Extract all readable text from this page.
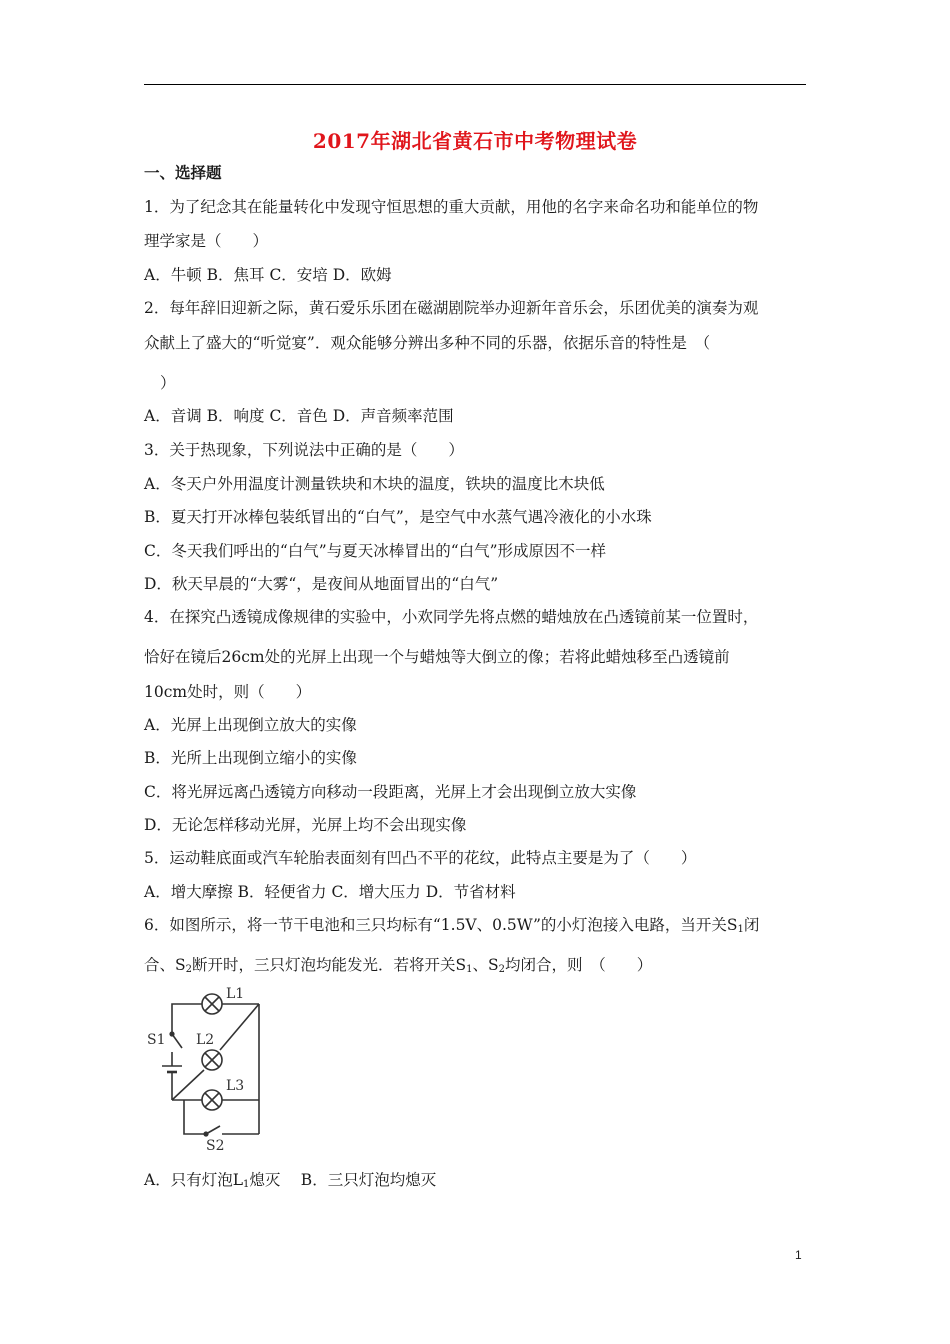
2017年湖北省黄石市中考物理试卷
一、选择题
1．为了纪念其在能量转化中发现守恒思想的重大贡献，用他的名字来命名功和能单位的物
理学家是（　　）
A．牛顿 B．焦耳 C．安培 D．欧姆
2．每年辞旧迎新之际，黄石爱乐乐团在磁湖剧院举办迎新年音乐会，乐团优美的演奏为观
众献上了盛大的“听觉宴”．观众能够分辨出多种不同的乐器，依据乐音的特性是　（
）
A．音调 B．响度 C．音色 D．声音频率范围
3．关于热现象，下列说法中正确的是（　　）
A．冬天户外用温度计测量铁块和木块的温度，铁块的温度比木块低
B．夏天打开冰棒包装纸冒出的“白气”，是空气中水蒸气遇冷液化的小水珠
C．冬天我们呼出的“白气”与夏天冰棒冒出的“白气”形成原因不一样
D．秋天早晨的“大雾“，是夜间从地面冒出的“白气”
4．在探究凸透镜成像规律的实验中，小欢同学先将点燃的蜡烛放在凸透镜前某一位置时，
恰好在镜后26cm处的光屏上出现一个与蜡烛等大倒立的像；若将此蜡烛移至凸透镜前
10cm处时，则（　　）
A．光屏上出现倒立放大的实像
B．光所上出现倒立缩小的实像
C．将光屏远离凸透镜方向移动一段距离，光屏上才会出现倒立放大实像
D．无论怎样移动光屏，光屏上均不会出现实像
5．运动鞋底面或汽车轮胎表面刻有凹凸不平的花纹，此特点主要是为了（　　）
A．增大摩擦 B．轻便省力 C．增大压力 D．节省材料
6．如图所示，将一节干电池和三只均标有“1.5V、0.5W”的小灯泡接入电路，当开关$S_1$闭
合、$S_2$断开时，三只灯泡均能发光．若将开关$S_1$、$S_2$均闭合，则　（　　）
L1
L2
L3
S1
S2
A．只有灯泡$L_1$熄灭　 B．三只灯泡均熄灭
1
